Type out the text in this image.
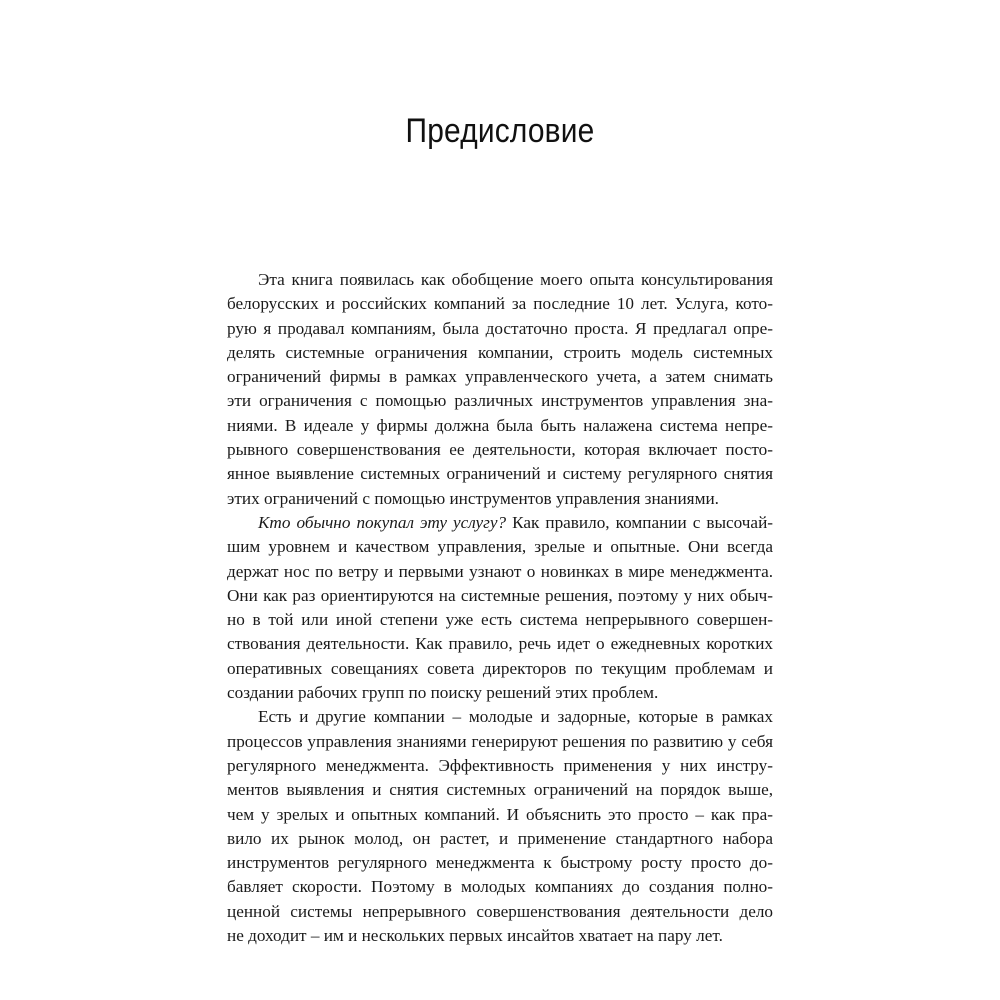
Предисловие
Эта книга появилась как обобщение моего опыта консультирования
белорусских и российских компаний за последние 10 лет. Услуга, кото-
рую я продавал компаниям, была достаточно проста. Я предлагал опре-
делять системные ограничения компании, строить модель системных
ограничений фирмы в рамках управленческого учета, а затем снимать
эти ограничения с помощью различных инструментов управления зна-
ниями. В идеале у фирмы должна была быть налажена система непре-
рывного совершенствования ее деятельности, которая включает посто-
янное выявление системных ограничений и систему регулярного снятия
этих ограничений с помощью инструментов управления знаниями.
Кто обычно покупал эту услугу? Как правило, компании с высочай-
шим уровнем и качеством управления, зрелые и опытные. Они всегда
держат нос по ветру и первыми узнают о новинках в мире менеджмента.
Они как раз ориентируются на системные решения, поэтому у них обыч-
но в той или иной степени уже есть система непрерывного совершен-
ствования деятельности. Как правило, речь идет о ежедневных коротких
оперативных совещаниях совета директоров по текущим проблемам и
создании рабочих групп по поиску решений этих проблем.
Есть и другие компании – молодые и задорные, которые в рамках
процессов управления знаниями генерируют решения по развитию у себя
регулярного менеджмента. Эффективность применения у них инстру-
ментов выявления и снятия системных ограничений на порядок выше,
чем у зрелых и опытных компаний. И объяснить это просто – как пра-
вило их рынок молод, он растет, и применение стандартного набора
инструментов регулярного менеджмента к быстрому росту просто до-
бавляет скорости. Поэтому в молодых компаниях до создания полно-
ценной системы непрерывного совершенствования деятельности дело
не доходит – им и нескольких первых инсайтов хватает на пару лет.
